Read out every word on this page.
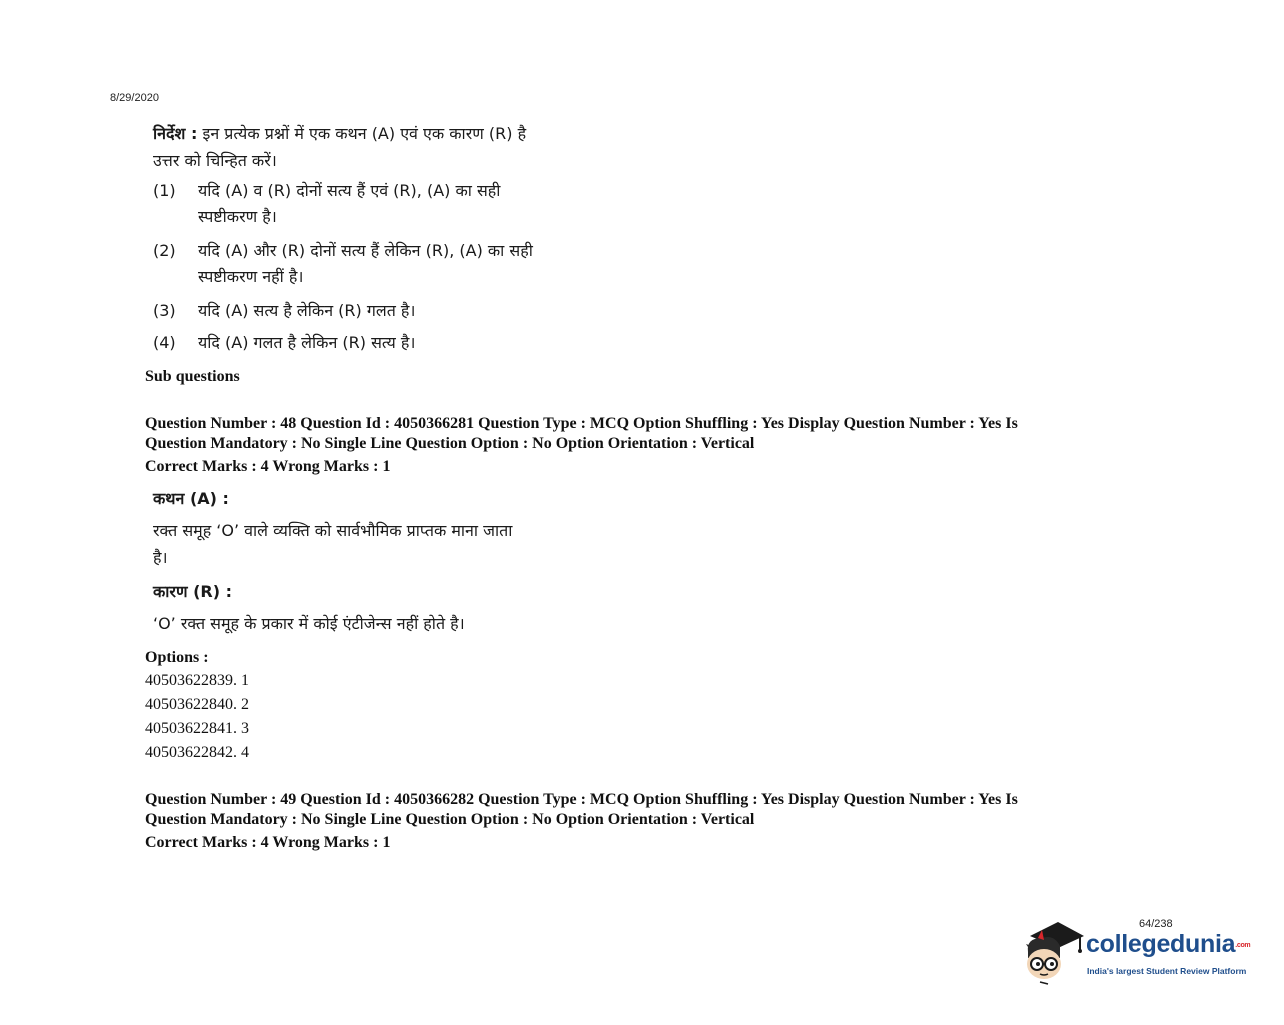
8/29/2020
निर्देश : इन प्रत्येक प्रश्नों में एक कथन (A) एवं एक कारण (R) है उत्तर को चिन्हित करें।
(1)	यदि (A) व (R) दोनों सत्य हैं एवं (R), (A) का सही स्पष्टीकरण है।
(2)	यदि (A) और (R) दोनों सत्य हैं लेकिन (R), (A) का सही स्पष्टीकरण नहीं है।
(3)	यदि (A) सत्य है लेकिन (R) गलत है।
(4)	यदि (A) गलत है लेकिन (R) सत्य है।
Sub questions
Question Number : 48 Question Id : 4050366281 Question Type : MCQ Option Shuffling : Yes Display Question Number : Yes Is
Question Mandatory : No Single Line Question Option : No Option Orientation : Vertical
Correct Marks : 4 Wrong Marks : 1
कथन (A) :
रक्त समूह ‘O’ वाले व्यक्ति को सार्वभौमिक प्राप्तक माना जाता है।
कारण (R) :
‘O’ रक्त समूह के प्रकार में कोई एंटीजेन्स नहीं होते है।
Options :
40503622839. 1
40503622840. 2
40503622841. 3
40503622842. 4
Question Number : 49 Question Id : 4050366282 Question Type : MCQ Option Shuffling : Yes Display Question Number : Yes Is
Question Mandatory : No Single Line Question Option : No Option Orientation : Vertical
Correct Marks : 4 Wrong Marks : 1
64/238
collegedunia.com
India's largest Student Review Platform
